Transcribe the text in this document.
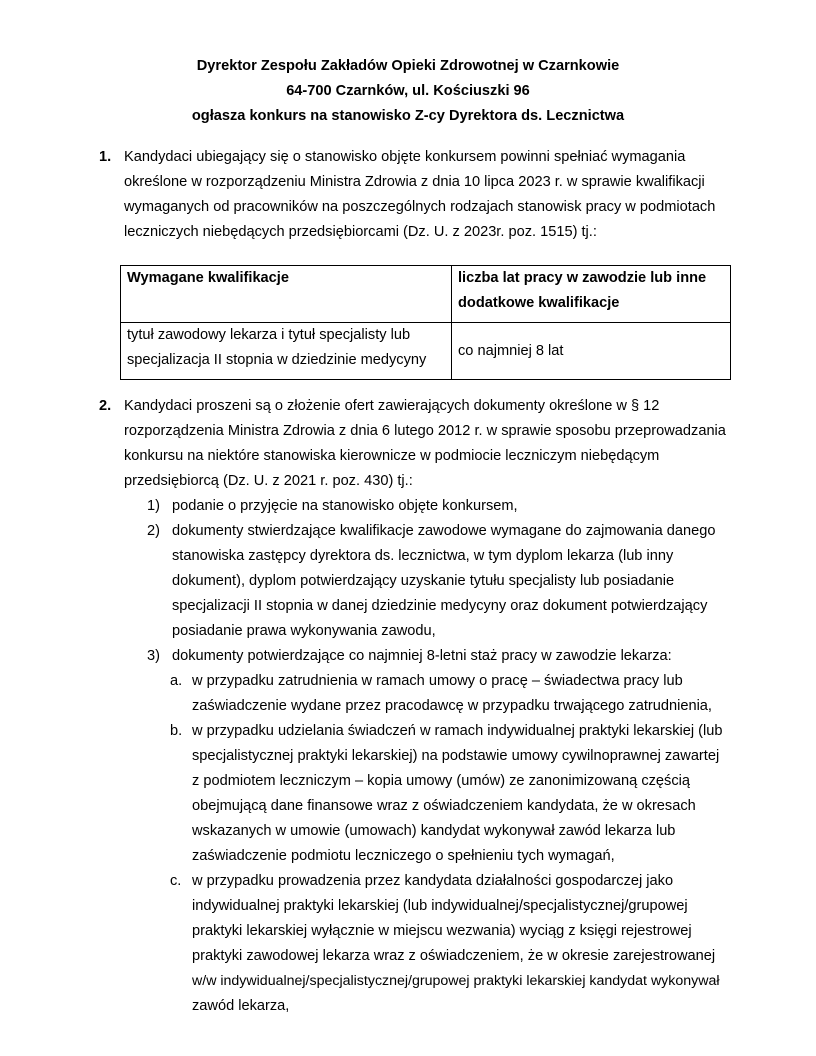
Dyrektor Zespołu Zakładów Opieki Zdrowotnej w Czarnkowie
64-700 Czarnków, ul. Kościuszki 96
ogłasza konkurs na stanowisko Z-cy Dyrektora ds. Lecznictwa
1. Kandydaci ubiegający się o stanowisko objęte konkursem powinni spełniać wymagania
określone w rozporządzeniu Ministra Zdrowia z dnia 10 lipca 2023 r. w sprawie kwalifikacji
wymaganych od pracowników na poszczególnych rodzajach stanowisk pracy w podmiotach
leczniczych niebędących przedsiębiorcami (Dz. U. z 2023r. poz. 1515) tj.:
Wymagane kwalifikacje	liczba lat pracy w zawodzie lub inne
dodatkowe kwalifikacje

tytuł zawodowy lekarza i tytuł specjalisty lub
specjalizacja II stopnia w dziedzinie medycyny	co najmniej 8 lat
2. Kandydaci proszeni są o złożenie ofert zawierających dokumenty określone w § 12
rozporządzenia Ministra Zdrowia z dnia 6 lutego 2012 r. w sprawie sposobu przeprowadzania
konkursu na niektóre stanowiska kierownicze w podmiocie leczniczym niebędącym
przedsiębiorcą (Dz. U. z 2021 r. poz. 430) tj.:
1) podanie o przyjęcie na stanowisko objęte konkursem,
2) dokumenty stwierdzające kwalifikacje zawodowe wymagane do zajmowania danego
stanowiska zastępcy dyrektora ds. lecznictwa, w tym dyplom lekarza (lub inny
dokument), dyplom potwierdzający uzyskanie tytułu specjalisty lub posiadanie
specjalizacji II stopnia w danej dziedzinie medycyny oraz dokument potwierdzający
posiadanie prawa wykonywania zawodu,
3) dokumenty potwierdzające co najmniej 8-letni staż pracy w zawodzie lekarza:
a. w przypadku zatrudnienia w ramach umowy o pracę – świadectwa pracy lub
zaświadczenie wydane przez pracodawcę w przypadku trwającego zatrudnienia,
b. w przypadku udzielania świadczeń w ramach indywidualnej praktyki lekarskiej (lub
specjalistycznej praktyki lekarskiej) na podstawie umowy cywilnoprawnej zawartej
z podmiotem leczniczym – kopia umowy (umów) ze zanonimizowaną częścią
obejmującą dane finansowe wraz z oświadczeniem kandydata, że w okresach
wskazanych w umowie (umowach) kandydat wykonywał zawód lekarza lub
zaświadczenie podmiotu leczniczego o spełnieniu tych wymagań,
c. w przypadku prowadzenia przez kandydata działalności gospodarczej jako
indywidualnej praktyki lekarskiej (lub indywidualnej/specjalistycznej/grupowej
praktyki lekarskiej wyłącznie w miejscu wezwania) wyciąg z księgi rejestrowej
praktyki zawodowej lekarza wraz z oświadczeniem, że w okresie zarejestrowanej
w/w indywidualnej/specjalistycznej/grupowej praktyki lekarskiej kandydat wykonywał
zawód lekarza,
